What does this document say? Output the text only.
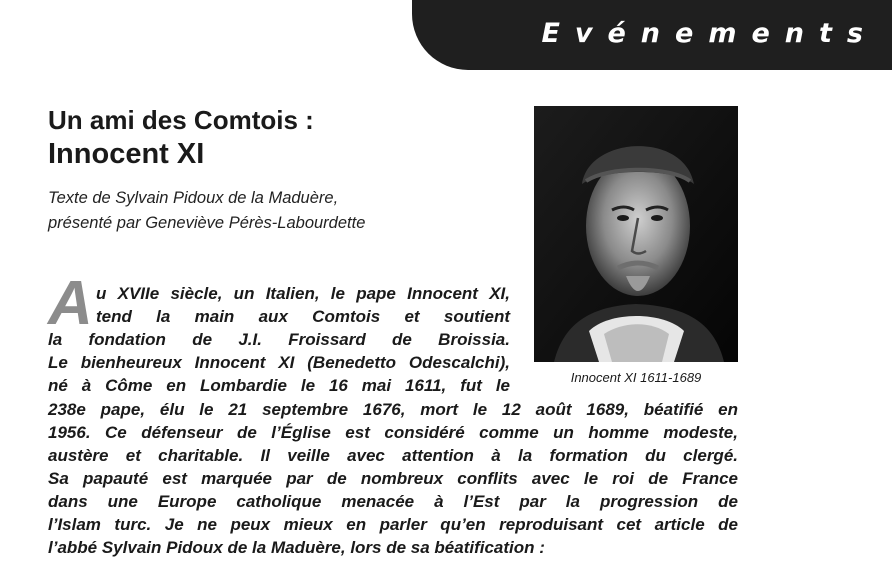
Evénements
Un ami des Comtois :
Innocent XI

Texte de Sylvain Pidoux de la Maduère,
présenté par Geneviève Pérès-Labourdette

Innocent XI 1611-1689
A u XVIIe siècle, un Italien, le pape Innocent XI,
tend la main aux Comtois et soutient
la fondation de J.I. Froissard de Broissia.
Le bienheureux Innocent XI (Benedetto Odescalchi),
né à Côme en Lombardie le 16 mai 1611, fut le

238e pape, élu le 21 septembre 1676, mort le 12 août 1689, béatifié en
1956. Ce défenseur de l’Église est considéré comme un homme modeste,
austère et charitable. Il veille avec attention à la formation du clergé.
Sa papauté est marquée par de nombreux conflits avec le roi de France
dans une Europe catholique menacée à l’Est par la progression de
l’Islam turc. Je ne peux mieux en parler qu’en reproduisant cet article de
l’abbé Sylvain Pidoux de la Maduère, lors de sa béatification :
